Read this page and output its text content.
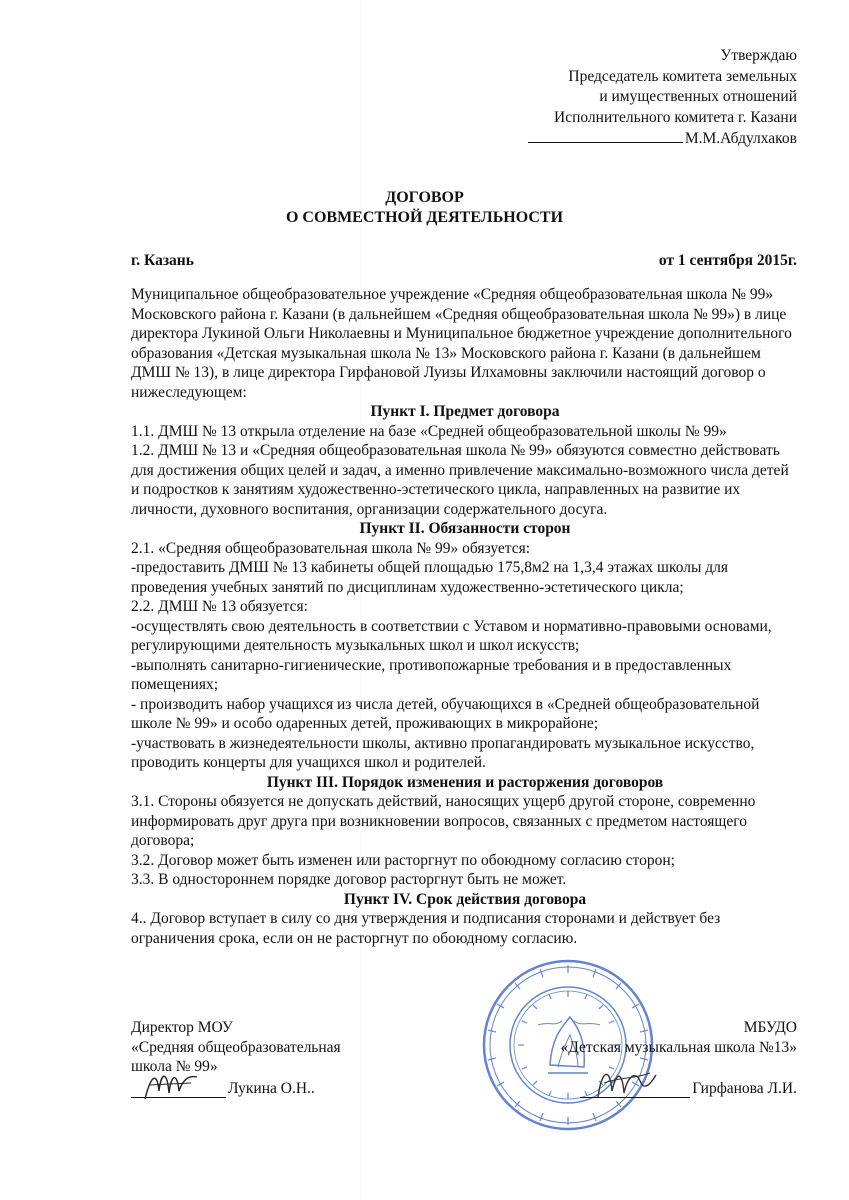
Утверждаю
Председатель комитета земельных
и имущественных отношений
Исполнительного комитета г. Казани
М.М.Абдулхаков
ДОГОВОР
О СОВМЕСТНОЙ ДЕЯТЕЛЬНОСТИ
г. Казань	от 1 сентября 2015г.

Муниципальное общеобразовательное учреждение «Средняя общеобразовательная школа № 99» Московского района г. Казани (в дальнейшем «Средняя общеобразовательная школа № 99») в лице директора Лукиной Ольги Николаевны и Муниципальное бюджетное учреждение дополнительного образования «Детская музыкальная школа № 13» Московского района г. Казани (в дальнейшем ДМШ № 13), в лице директора Гирфановой Луизы Илхамовны заключили настоящий договор о нижеследующем:

Пункт I. Предмет договора

1.1. ДМШ № 13 открыла отделение на базе «Средней общеобразовательной школы № 99»

1.2. ДМШ № 13 и «Средняя общеобразовательная школа № 99» обязуются совместно действовать для достижения общих целей и задач, а именно привлечение максимально-возможного числа детей и подростков к занятиям художественно-эстетического цикла, направленных на развитие их личности, духовного воспитания, организации содержательного досуга.

Пункт II. Обязанности сторон

2.1. «Средняя общеобразовательная школа № 99» обязуется:

-предоставить ДМШ № 13 кабинеты общей площадью 175,8м2 на 1,3,4 этажах школы для проведения учебных занятий по дисциплинам художественно-эстетического цикла;

2.2. ДМШ № 13 обязуется:

-осуществлять свою деятельность в соответствии с Уставом и нормативно-правовыми основами, регулирующими деятельность музыкальных школ и школ искусств;

-выполнять санитарно-гигиенические, противопожарные требования и в предоставленных помещениях;

- производить набор учащихся из числа детей, обучающихся в «Средней общеобразовательной школе № 99» и особо одаренных детей, проживающих в микрорайоне;

-участвовать в жизнедеятельности школы, активно пропагандировать музыкальное искусство, проводить концерты для учащихся школ и родителей.

Пункт III. Порядок изменения и расторжения договоров

3.1. Стороны обязуется не допускать действий, наносящих ущерб другой стороне, современно информировать друг друга при возникновении вопросов, связанных с предметом настоящего договора;

3.2. Договор может быть изменен или расторгнут по обоюдному согласию сторон;

3.3. В одностороннем порядке договор расторгнут быть не может.

Пункт IV. Срок действия договора

4.. Договор вступает в силу со дня утверждения и подписания сторонами и действует без ограничения срока, если он не расторгнут по обоюдному согласию.

Директор МОУ
«Средняя общеобразовательная
школа № 99»
Лукина О.Н..
МБУДО
«Детская музыкальная школа №13»
Гирфанова Л.И.
